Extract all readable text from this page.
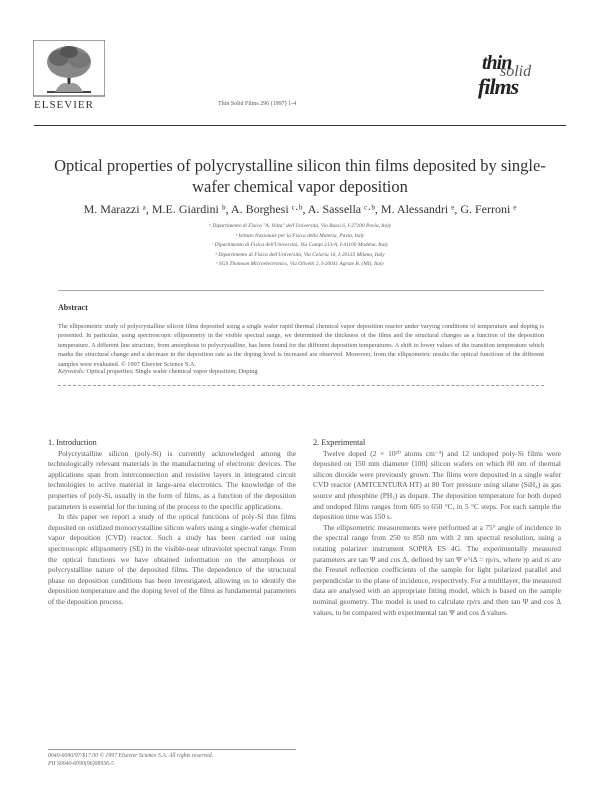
ELSEVIER	Thin Solid Films 296 (1997) 1-4
thin
solid
films
Optical properties of polycrystalline silicon thin films deposited by single-wafer chemical vapor deposition
M. Marazzi ᵃ, M.E. Giardini ᵇ, A. Borghesi ᶜ·ᵇ, A. Sassella ᶜ·ᵇ, M. Alessandri ᵉ, G. Ferroni ᵉ
ᵃ Dipartimento di Fisica "A. Volta" dell'Università, Via Bassi 6, I-27100 Pavia, Italy
ᵇ Istituto Nazionale per la Fisica della Materia, Pavia, Italy
ᶜ Dipartimento di Fisica dell'Università, Via Campi 213/A, I-41100 Modena, Italy
ᵈ Dipartimento di Fisica dell'Università, Via Celoria 16, I-20133 Milano, Italy
ᵉ SGS Thomson Microelectronics, Via Olivetti 2, I-20041 Agrate B. (MI), Italy
Abstract
The ellipsometric study of polycrystalline silicon films deposited using a single wafer rapid thermal chemical vapor deposition reactor under varying conditions of temperature and doping is presented. In particular, using spectroscopic ellipsometry in the visible spectral range, we determined the thickness of the films and the structural changes as a function of the deposition temperature. A different line structure, from amorphous to polycrystalline, has been found for the different deposition temperatures. A shift to lower values of the transition temperature which marks the structural change and a decrease in the deposition rate as the doping level is increased are observed. Moreover, from the ellipsometric results the optical functions of the different samples were evaluated. © 1997 Elsevier Science S.A.
Keywords: Optical properties; Single wafer chemical vapor deposition; Doping

1. Introduction

Polycrystalline silicon (poly-Si) is currently acknowledged among the technologically relevant materials in the manufacturing of electronic devices. The applications span from interconnection and resistive layers in integrated circuit technologies to active material in large-area electronics. The knowledge of the properties of poly-Si, usually in the form of films, as a function of the deposition parameters is essential for the tuning of the process to the specific applications.

In this paper we report a study of the optical functions of poly-Si thin films deposited on oxidized monocrystalline silicon wafers using a single-wafer chemical vapor deposition (CVD) reactor. Such a study has been carried out using spectroscopic ellipsometry (SE) in the visible-near ultraviolet spectral range. From the optical functions we have obtained information on the amorphous or polycrystalline nature of the deposited films. The dependence of the structural phase on deposition conditions has been investigated, allowing us to identify the deposition temperature and the doping level of the films as fundamental parameters of the deposition process.

2. Experimental

Twelve doped (2 × 10²⁰ atoms cm⁻³) and 12 undoped poly-Si films were deposited on 150 mm diameter ⟨100⟩ silicon wafers on which 80 nm of thermal silicon dioxide were previously grown. The films were deposited in a single wafer CVD reactor (AMTCENTURA HT) at 80 Torr pressure using silane (SiH₄) as gas source and phosphine (PH₃) as dopant. The deposition temperature for both doped and undoped films ranges from 605 to 650 °C, in 5 °C steps. For each sample the deposition time was 150 s.

The ellipsometric measurements were performed at a 75° angle of incidence in the spectral range from 250 to 850 nm with 2 nm spectral resolution, using a rotating polarizer instrument SOPRA ES 4G. The experimentally measured parameters are tan Ψ and cos Δ, defined by tan Ψ e^iΔ = rp/rs, where rp and rs are the Fresnel reflection coefficients of the sample for light polarized parallel and perpendicular to the plane of incidence, respectively. For a multilayer, the measured data are analysed with an appropriate fitting model, which is based on the sample nominal geometry. The model is used to calculate rp/rs and then tan Ψ and cos Δ values, to be compared with experimental tan Ψ and cos Δ values.

0040-6090/97/$17.00 © 1997 Elsevier Science S.A. All rights reserved.
PII S0040-6090(96)08936-5
